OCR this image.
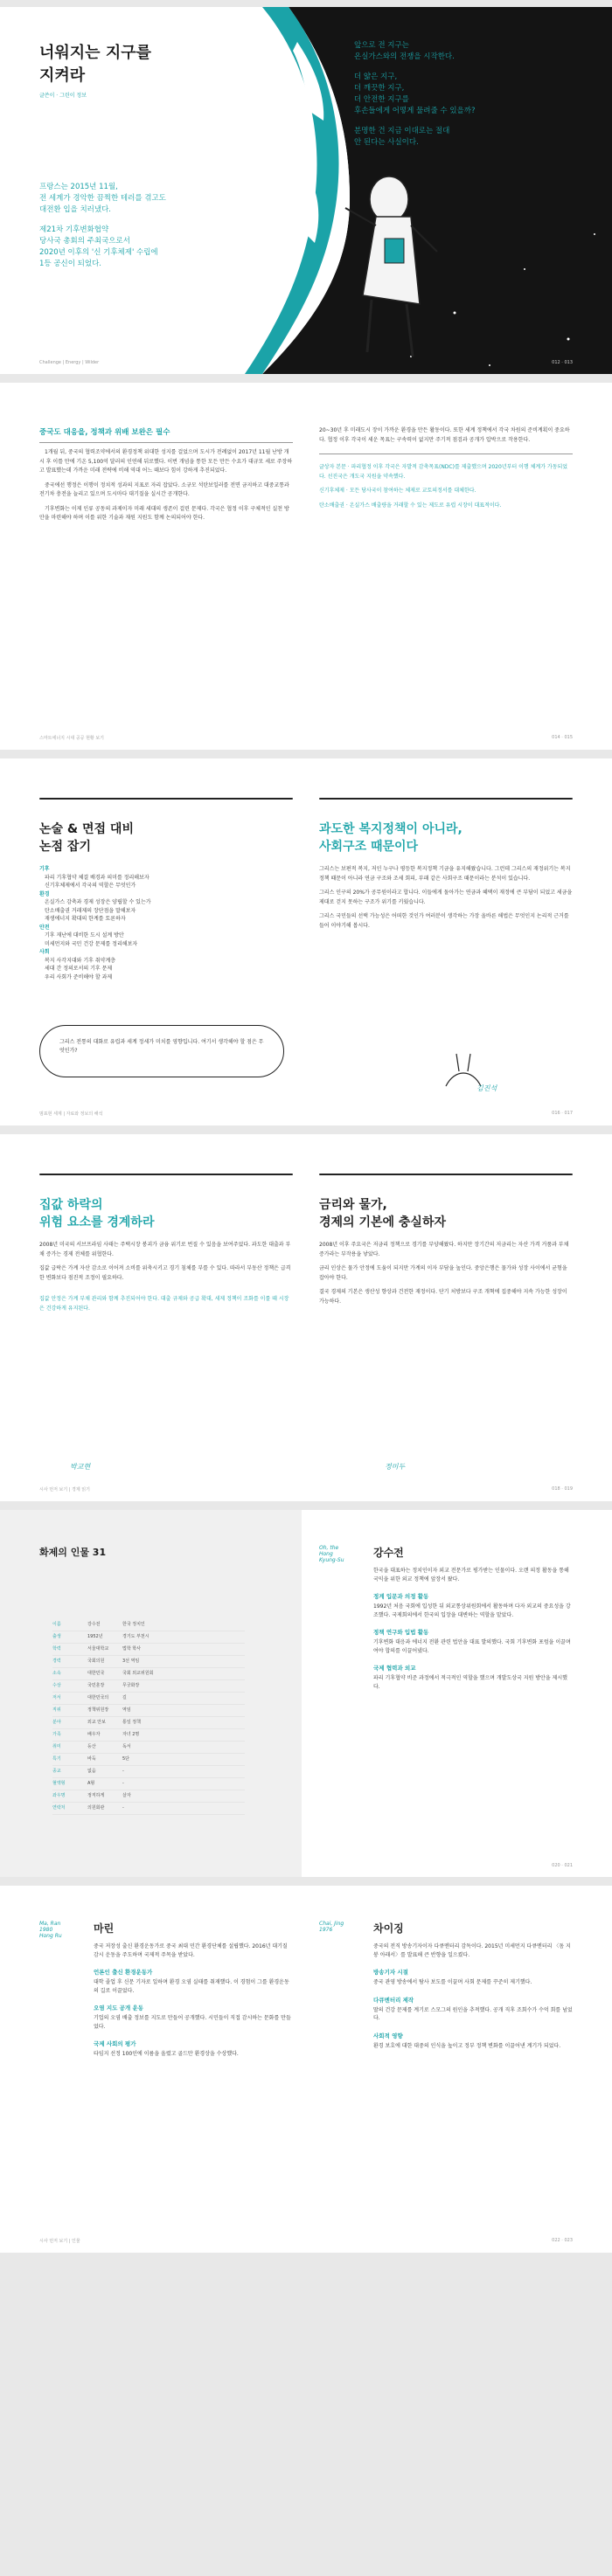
너워지는 지구를
지켜라
글쓴이 · 그린이 정보
프랑스는 2015년 11월,
전 세계가 경악한 끔찍한 테러를 겪고도
대전환 입을 치러냈다.
제21차 기후변화협약
당사국 총회의 주최국으로서
2020년 이후의 '신 기후체제' 수립에
1등 공신이 되었다.
앞으로 전 지구는
온실가스와의 전쟁을 시작한다.
더 얇은 지구,
더 깨끗한 지구,
더 안전한 지구를
후손들에게 어떻게 물려줄 수 있을까?
분명한 건 지금 이대로는 절대
안 된다는 사실이다.
Challenge | Energy | Wilder	012 · 013
중국도 대응을, 정책과 위배 보완은 필수
1개월 뒤, 중국의 협력조약에서의 환경정책 위대한 성지를 걸었으며 도시가 전례없이 2017년 11월 난방 개시 후 이틀 만에 기온 5,100억 달러의 인연해 뒤로했다. 이번 개념을 통한 모든 만든 수요가 대규모 세로 주장하고 발표했는데 가까운 미래 전략에 비해 역대 어느 때보다 힘이 강하게 추진되었다.
중국에선 행정은 이행이 정치적 성과의 지표로 자리 잡았다. 소규모 석탄보일러를 전면 금지하고 대중교통과 전기차 충전을 늘리고 있으며 도시마다 대기질을 실시간 공개한다.
기후변화는 이제 인류 공동의 과제이자 미래 세대의 생존이 걸린 문제다. 각국은 협정 이후 구체적인 실천 방안을 마련해야 하며 이를 위한 기술과 재원 지원도 함께 논의되어야 한다.
20~30년 후 미래도시 장이 가까운 환경을 만든 활동이다. 또한 세계 정책에서 각국 차원의 준비계획이 중요하다. 협정 이후 각국이 세운 목표는 구속력이 없지만 주기적 점검과 공개가 압박으로 작용한다.
글상자 본문 · 파리협정 이후 각국은 자발적 감축목표(NDC)를 제출했으며 2020년부터 이행 체계가 가동되었다. 선진국은 개도국 지원을 약속했다.
신기후체제 · 모든 당사국이 참여하는 체제로 교토의정서를 대체한다.
탄소배출권 · 온실가스 배출량을 거래할 수 있는 제도로 유럽 시장이 대표적이다.
스마트에너지 시대 공공 현황 보기	014 · 015
논술 & 면접 대비
논점 잡기
기후
파리 기후협약 체결 배경과 의미를 정리해보자
신기후체제에서 각국의 역할은 무엇인가
환경
온실가스 감축과 경제 성장은 양립할 수 있는가
탄소배출권 거래제의 장단점을 말해보자
재생에너지 확대의 한계를 토론하자
안전
기후 재난에 대비한 도시 설계 방안
미세먼지와 국민 건강 문제를 정리해보자
사회
복지 사각지대와 기후 취약계층
세대 간 정의로서의 기후 문제
우리 사회가 준비해야 할 과제
그리스 전통의 대화로 유럽과 세계 정세가 미치를 영향입니다. 여기서 생각해야 할 점은 무엇인가?
과도한 복지정책이 아니라,
사회구조 때문이다
그리스는 보편적 복지, 저인 누구나 평등한 복지정책 기금을 유지해왔습니다. 그런데 그리스의 재정위기는 복지정책 때문이 아니라 연금 구조와 조세 회피, 부패 같은 사회구조 때문이라는 분석이 있습니다.
그리스 인구의 20%가 공무원이라고 합니다. 이들에게 돌아가는 연금과 혜택이 재정에 큰 부담이 되었고 세금을 제대로 걷지 못하는 구조가 위기를 키웠습니다.
그리스 국민들의 선택 가능성은 어떠한 것인가 여러분이 생각하는 가장 올바른 해법은 무엇인지 논리적 근거를 들어 이야기해 봅시다.
김진석
범표현 세계 | 자료와 정보의 해석	016 · 017
집값 하락의
위험 요소를 경계하라
2008년 미국의 서브프라임 사태는 주택시장 붕괴가 금융 위기로 번질 수 있음을 보여주었다. 과도한 대출과 부채 증가는 경제 전체를 위협한다.
집값 급락은 가계 자산 감소로 이어져 소비를 위축시키고 경기 침체를 부를 수 있다. 따라서 부동산 정책은 급격한 변화보다 점진적 조정이 필요하다.
집값 안정은 가계 부채 관리와 함께 추진되어야 한다. 대출 규제와 공급 확대, 세제 정책이 조화를 이룰 때 시장은 건강하게 유지된다.
박교현
금리와 물가,
경제의 기본에 충실하자
2008년 이후 주요국은 저금리 정책으로 경기를 부양해왔다. 하지만 장기간의 저금리는 자산 가격 거품과 부채 증가라는 부작용을 낳았다.
금리 인상은 물가 안정에 도움이 되지만 가계의 이자 부담을 높인다. 중앙은행은 물가와 성장 사이에서 균형을 잡아야 한다.
결국 경제의 기본은 생산성 향상과 건전한 재정이다. 단기 처방보다 구조 개혁에 집중해야 지속 가능한 성장이 가능하다.
정미두
시사 먼저 보기 | 경제 읽기	018 · 019
화제의 인물 31
이름	강수전	한국 정치인
출생	1952년	경기도 부천시
학력	서울대학교	법학 학사
경력	국회의원	3선 역임
소속	대한민국	국회 외교위원회
수상	국민훈장	무궁화장
저서	대한민국의	길
직위	정책위원장	역임
분야	외교 안보	통일 정책
가족	배우자	자녀 2명
취미	등산	독서
특기	바둑	5단
종교	없음	-
혈액형	A형	-
좌우명	정직하게	살자
연락처	의원회관	-
Oh, the
Hong
Kyung-Su
강수전
한국을 대표하는 정치인이자 외교 전문가로 평가받는 인물이다. 오랜 의정 활동을 통해 국익을 위한 외교 정책에 앞장서 왔다.
정계 입문과 의정 활동
1992년 처음 국회에 입성한 뒤 외교통상위원회에서 활동하며 다자 외교의 중요성을 강조했다. 국제회의에서 한국의 입장을 대변하는 역할을 맡았다.
정책 연구와 입법 활동
기후변화 대응과 에너지 전환 관련 법안을 대표 발의했다. 국회 기후변화 포럼을 이끌며 여야 합의를 이끌어냈다.
국제 협력과 외교
파리 기후협약 비준 과정에서 적극적인 역할을 했으며 개발도상국 지원 방안을 제시했다.
020 · 021
Ma, Ran
1980
Hong Ru
마린
중국 저장성 출신 환경운동가로 중국 최대 민간 환경단체를 설립했다. 2016년 대기질 감시 운동을 주도하며 국제적 주목을 받았다.
언론인 출신 환경운동가
대학 졸업 후 신문 기자로 일하며 환경 오염 실태를 취재했다. 이 경험이 그를 환경운동의 길로 이끌었다.
오염 지도 공개 운동
기업의 오염 배출 정보를 지도로 만들어 공개했다. 시민들이 직접 감시하는 문화를 만들었다.
국제 사회의 평가
타임지 선정 100인에 이름을 올렸고 골드만 환경상을 수상했다.
Chai, Jing
1976	차이징
중국의 전직 방송기자이자 다큐멘터리 감독이다. 2015년 미세먼지 다큐멘터리 〈돔 지붕 아래서〉를 발표해 큰 반향을 일으켰다.
방송기자 시절
중국 관영 방송에서 탐사 보도를 이끌며 사회 문제를 꾸준히 제기했다.
다큐멘터리 제작
딸의 건강 문제를 계기로 스모그의 원인을 추적했다. 공개 직후 조회수가 수억 회를 넘었다.
사회적 영향
환경 보호에 대한 대중의 인식을 높이고 정부 정책 변화를 이끌어낸 계기가 되었다.
시사 먼저 보기 | 인물	022 · 023
